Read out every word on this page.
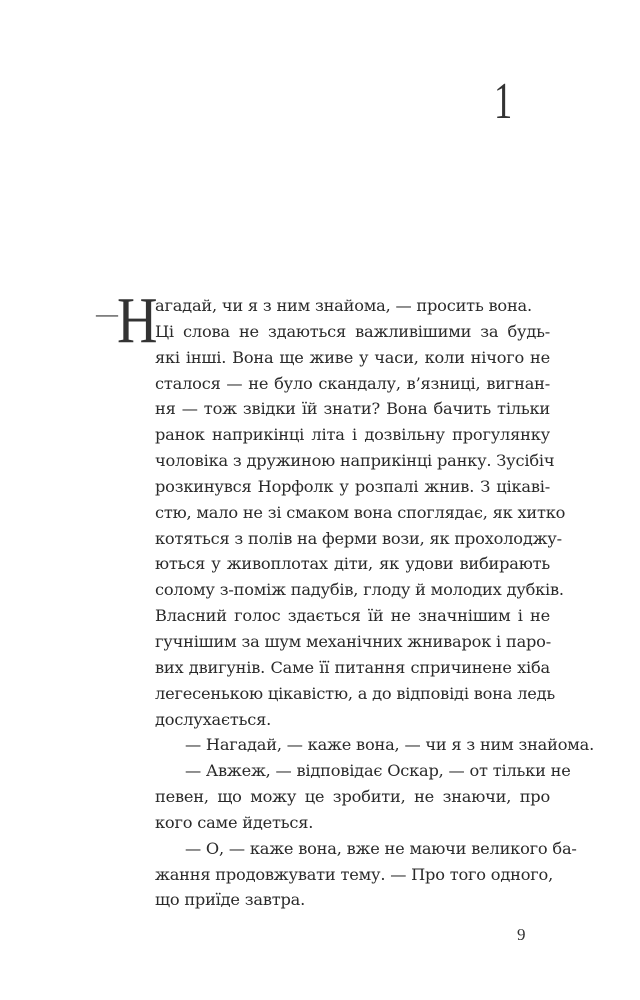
1
— Н
агадай, чи я з ним знайома, — просить вона.
Ці слова не здаються важливішими за будь-
які інші. Вона ще живе у часи, коли нічого не
сталося — не було скандалу, в’язниці, вигнан-
ня — тож звідки їй знати? Вона бачить тільки
ранок наприкінці літа і дозвільну прогулянку
чоловіка з дружиною наприкінці ранку. Зусібіч
розкинувся Норфолк у розпалі жнив. З цікаві-
стю, мало не зі смаком вона споглядає, як хитко
котяться з полів на ферми вози, як прохолоджу-
ються у живоплотах діти, як удови вибирають
солому з-поміж падубів, глоду й молодих дубків.
Власний голос здається їй не значнішим і не
гучнішим за шум механічних жниварок і паро-
вих двигунів. Саме її питання спричинене хіба
легесенькою цікавістю, а до відповіді вона ледь
дослухається.
— Нагадай, — каже вона, — чи я з ним знайома.
— Авжеж, — відповідає Оскар, — от тільки не
певен, що можу це зробити, не знаючи, про
кого саме йдеться.
— О, — каже вона, вже не маючи великого ба-
жання продовжувати тему. — Про того одного,
що приїде завтра.
9
